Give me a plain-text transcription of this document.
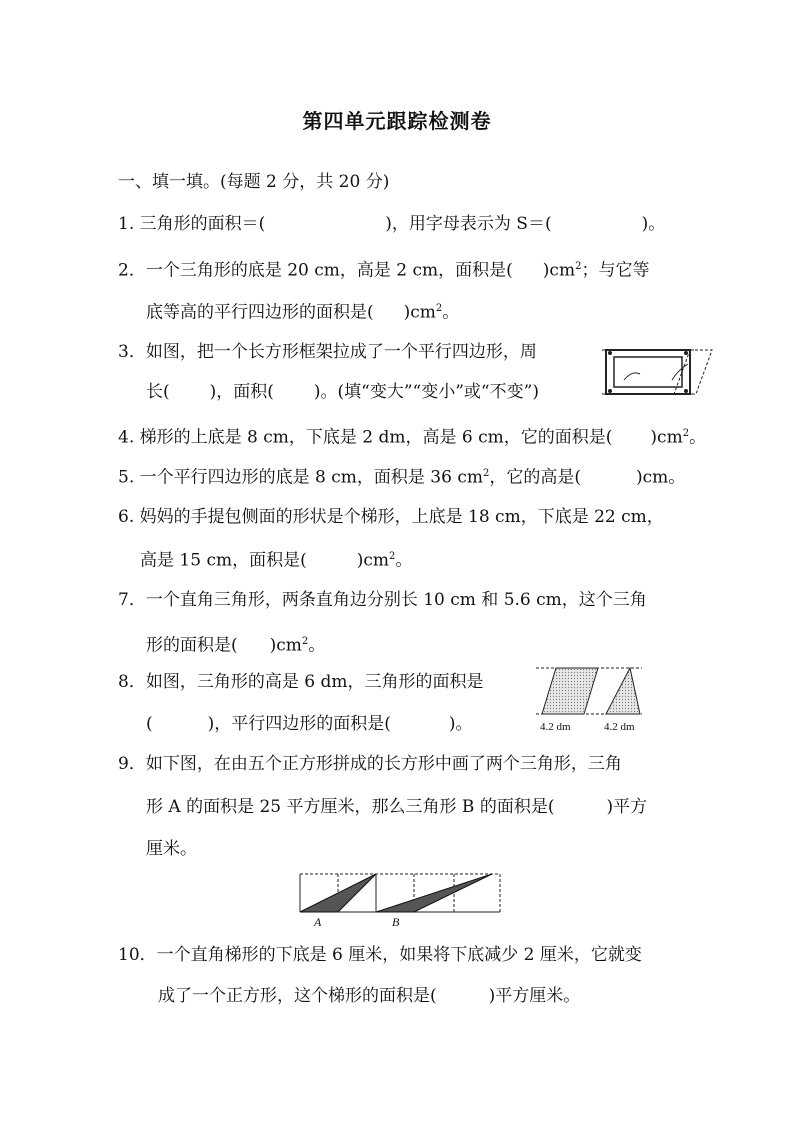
第四单元跟踪检测卷
一、填一填。(每题 2 分，共 20 分)
1. 三角形的面积＝(	)，用字母表示为 S＝(	)。
2．一个三角形的底是 20 cm，高是 2 cm，面积是( )$cm^2$；与它等
底等高的平行四边形的面积是( )$cm^2$。
3．如图，把一个长方形框架拉成了一个平行四边形，周
长( )，面积( )。(填“变大”“变小”或“不变”)
4. 梯形的上底是 8 cm，下底是 2 dm，高是 6 cm，它的面积是( )$cm^2$。
5. 一个平行四边形的底是 8 cm，面积是 36 $cm^2$，它的高是(	)cm。
6. 妈妈的手提包侧面的形状是个梯形，上底是 18 cm，下底是 22 cm，
高是 15 cm，面积是(	)$cm^2$。
7．一个直角三角形，两条直角边分别长 10 cm 和 5.6 cm，这个三角
形的面积是( )$cm^2$。
8．如图，三角形的高是 6 dm，三角形的面积是
(	)，平行四边形的面积是(	)。	4.2 dm	4.2 dm
9．如下图，在由五个正方形拼成的长方形中画了两个三角形，三角
形 A 的面积是 25 平方厘米，那么三角形 B 的面积是(	)平方
厘米。
A	B
10．一个直角梯形的下底是 6 厘米，如果将下底减少 2 厘米，它就变
成了一个正方形，这个梯形的面积是(	)平方厘米。
